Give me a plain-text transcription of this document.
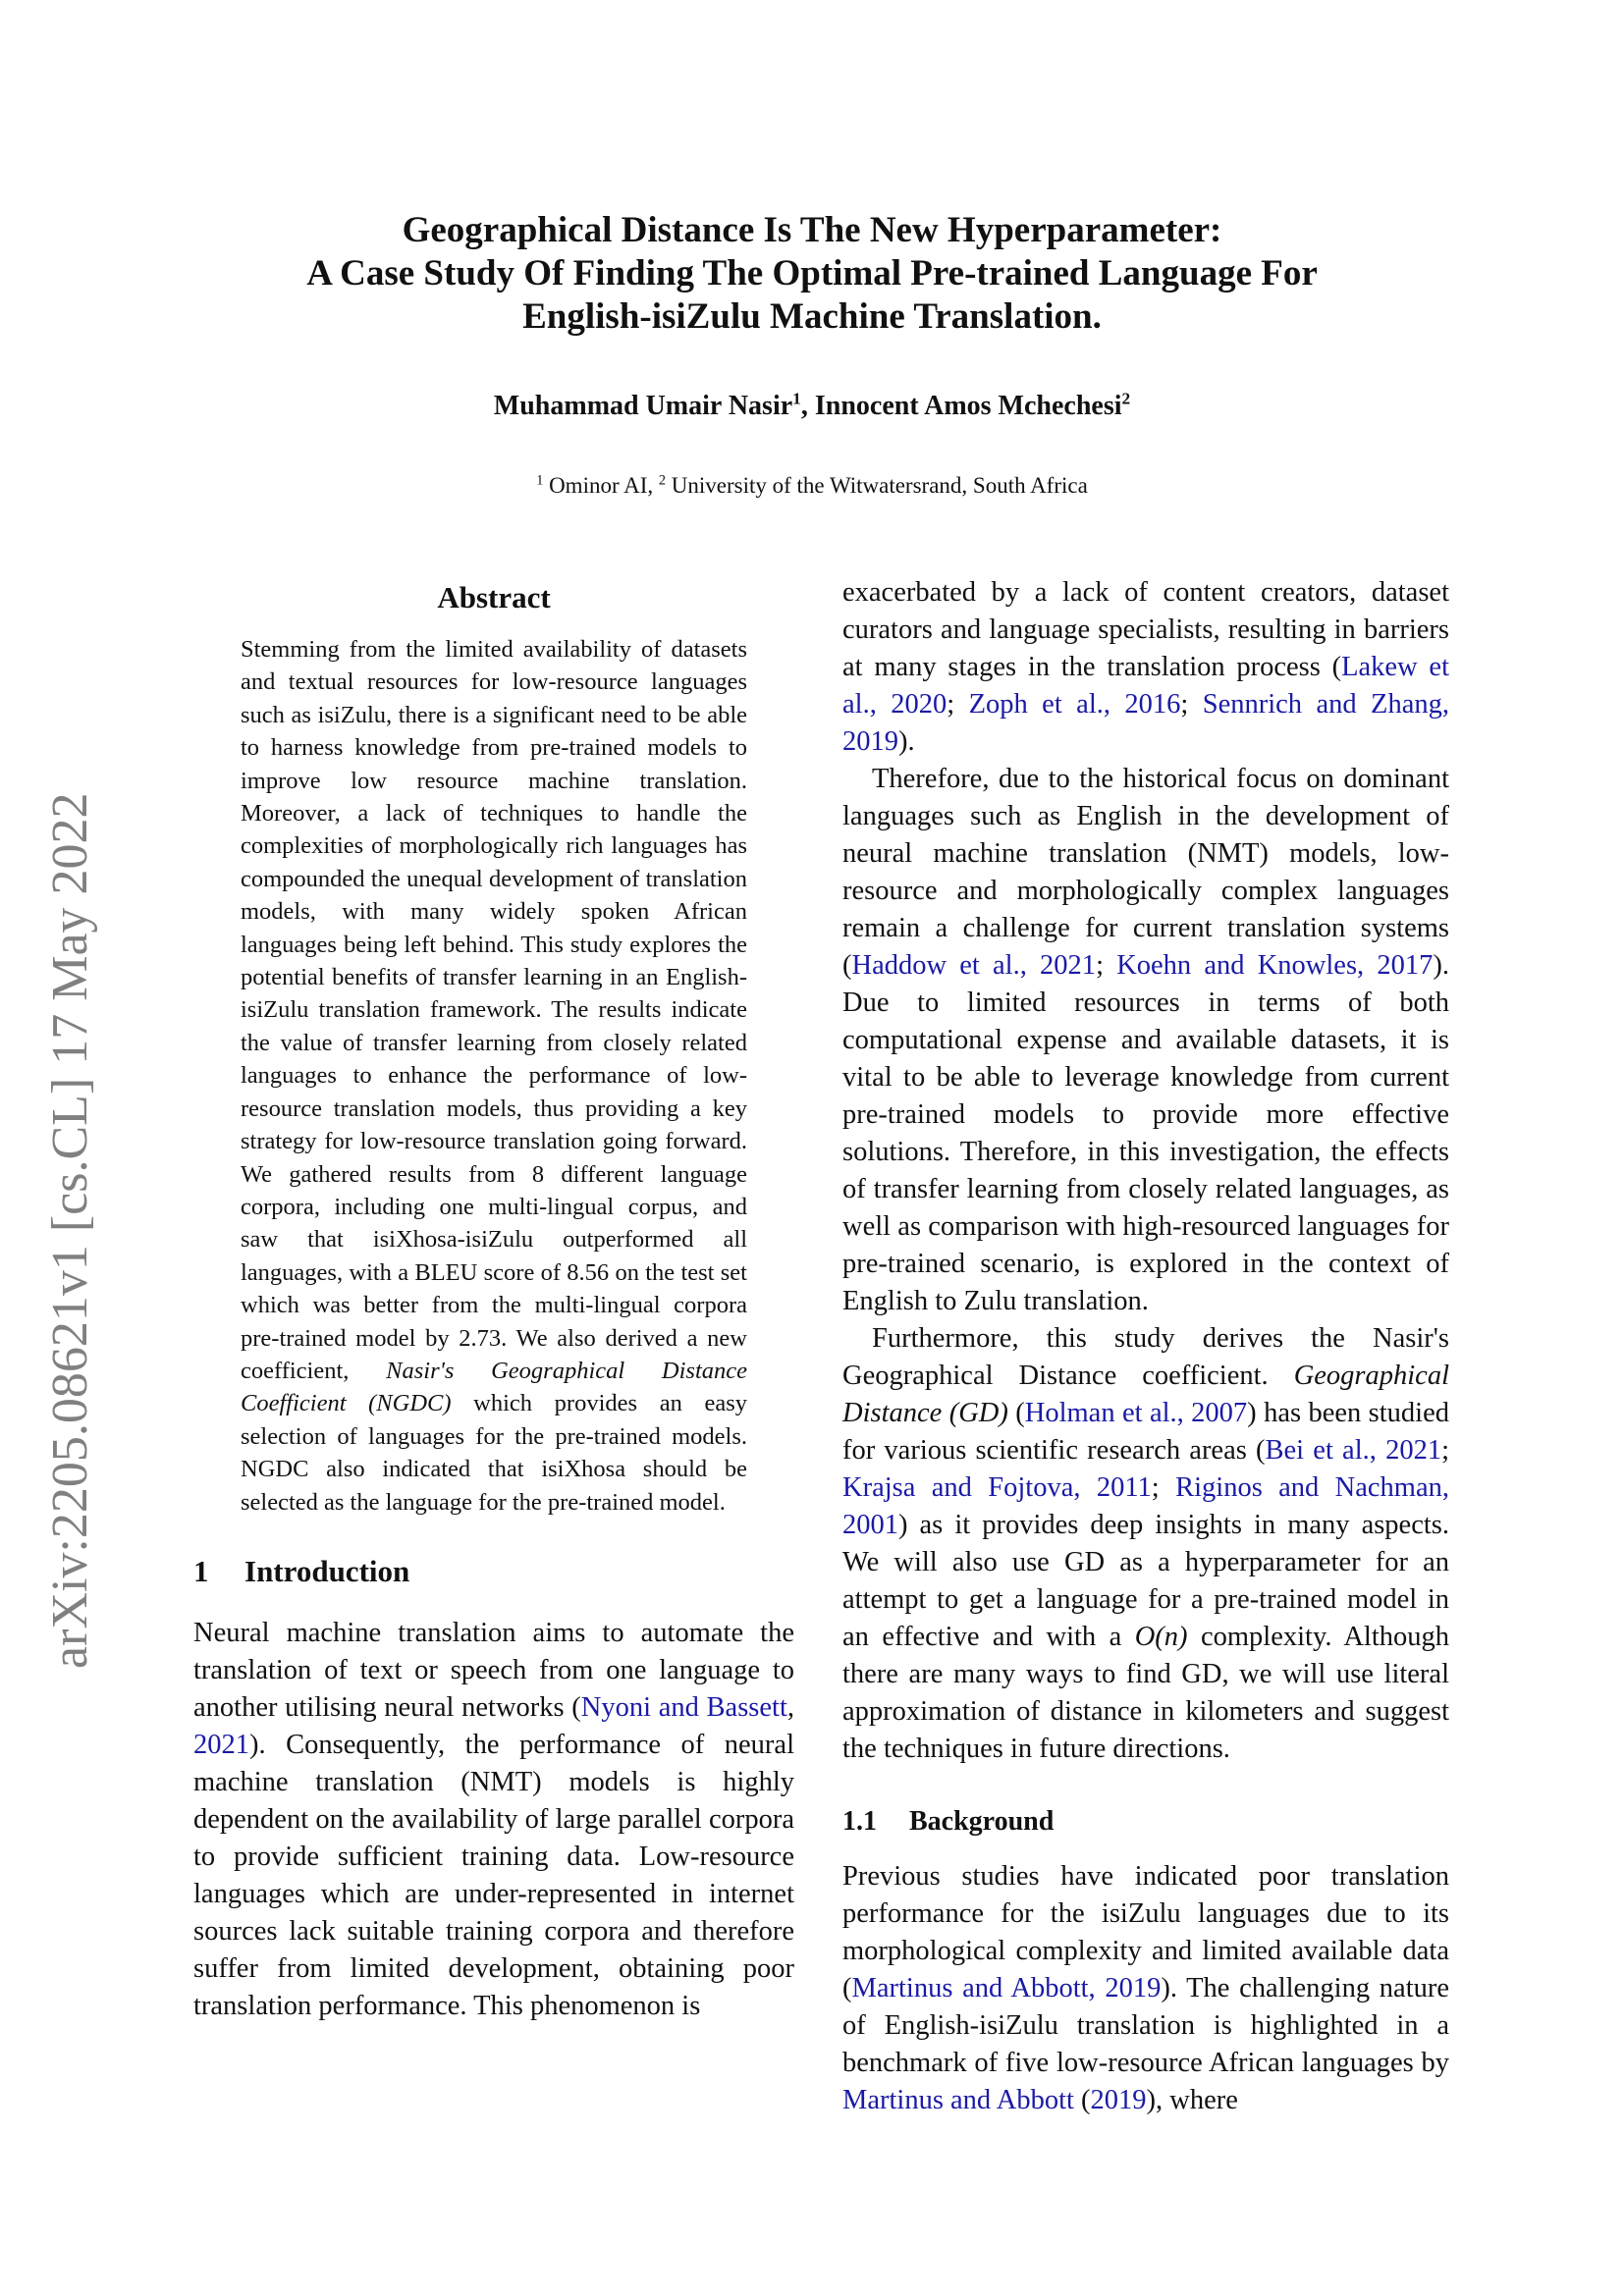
Geographical Distance Is The New Hyperparameter:
A Case Study Of Finding The Optimal Pre-trained Language For
English-isiZulu Machine Translation.
Muhammad Umair Nasir$^1$, Innocent Amos Mchechesi$^2$
$^1$ Ominor AI, $^2$ University of the Witwatersrand, South Africa
arXiv:2205.08621v1 [cs.CL] 17 May 2022
Abstract

Stemming from the limited availability of datasets and textual resources for low-resource languages such as isiZulu, there is a significant need to be able to harness knowledge from pre-trained models to improve low resource machine translation. Moreover, a lack of techniques to handle the complexities of morphologically rich languages has compounded the unequal development of translation models, with many widely spoken African languages being left behind. This study explores the potential benefits of transfer learning in an English-isiZulu translation framework. The results indicate the value of transfer learning from closely related languages to enhance the performance of low-resource translation models, thus providing a key strategy for low-resource translation going forward. We gathered results from 8 different language corpora, including one multi-lingual corpus, and saw that isiXhosa-isiZulu outperformed all languages, with a BLEU score of 8.56 on the test set which was better from the multi-lingual corpora pre-trained model by 2.73. We also derived a new coefficient, Nasir's Geographical Distance Coefficient (NGDC) which provides an easy selection of languages for the pre-trained models. NGDC also indicated that isiXhosa should be selected as the language for the pre-trained model.

1 Introduction

Neural machine translation aims to automate the translation of text or speech from one language to another utilising neural networks (Nyoni and Bassett, 2021). Consequently, the performance of neural machine translation (NMT) models is highly dependent on the availability of large parallel corpora to provide sufficient training data. Low-resource languages which are under-represented in internet sources lack suitable training corpora and therefore suffer from limited development, obtaining poor translation performance. This phenomenon is

exacerbated by a lack of content creators, dataset curators and language specialists, resulting in barriers at many stages in the translation process (Lakew et al., 2020; Zoph et al., 2016; Sennrich and Zhang, 2019).

Therefore, due to the historical focus on dominant languages such as English in the development of neural machine translation (NMT) models, low-resource and morphologically complex languages remain a challenge for current translation systems (Haddow et al., 2021; Koehn and Knowles, 2017). Due to limited resources in terms of both computational expense and available datasets, it is vital to be able to leverage knowledge from current pre-trained models to provide more effective solutions. Therefore, in this investigation, the effects of transfer learning from closely related languages, as well as comparison with high-resourced languages for pre-trained scenario, is explored in the context of English to Zulu translation.

Furthermore, this study derives the Nasir's Geographical Distance coefficient. Geographical Distance (GD) (Holman et al., 2007) has been studied for various scientific research areas (Bei et al., 2021; Krajsa and Fojtova, 2011; Riginos and Nachman, 2001) as it provides deep insights in many aspects. We will also use GD as a hyperparameter for an attempt to get a language for a pre-trained model in an effective and with a O(n) complexity. Although there are many ways to find GD, we will use literal approximation of distance in kilometers and suggest the techniques in future directions.

1.1 Background

Previous studies have indicated poor translation performance for the isiZulu languages due to its morphological complexity and limited available data (Martinus and Abbott, 2019). The challenging nature of English-isiZulu translation is highlighted in a benchmark of five low-resource African languages by Martinus and Abbott (2019), where
